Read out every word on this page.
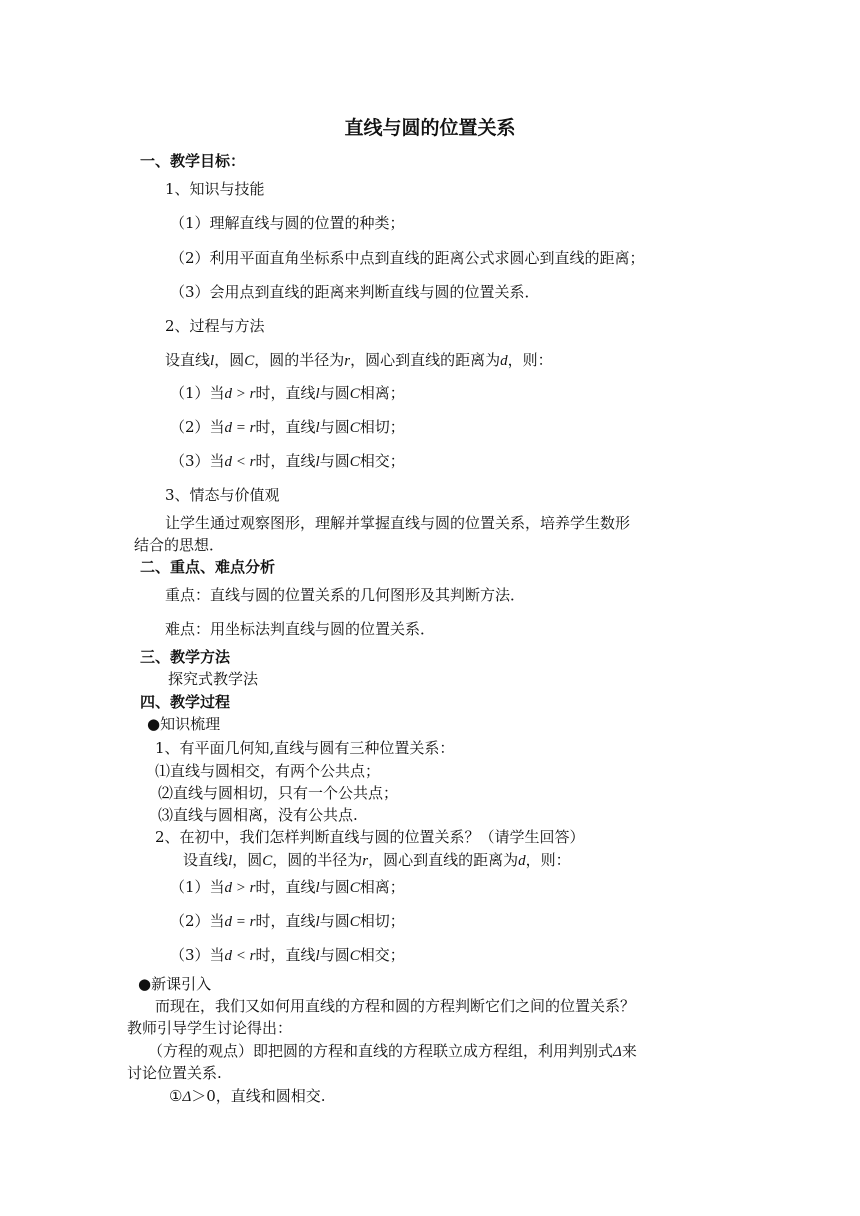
直线与圆的位置关系
一、教学目标：
1、知识与技能
（1）理解直线与圆的位置的种类；
（2）利用平面直角坐标系中点到直线的距离公式求圆心到直线的距离；
（3）会用点到直线的距离来判断直线与圆的位置关系．
2、过程与方法
设直线l，圆C，圆的半径为r，圆心到直线的距离为d，则：
（1）当d > r时，直线l与圆C相离；
（2）当d = r时，直线l与圆C相切；
（3）当d < r时，直线l与圆C相交；
3、情态与价值观
让学生通过观察图形，理解并掌握直线与圆的位置关系，培养学生数形
结合的思想．
二、重点、难点分析
重点：直线与圆的位置关系的几何图形及其判断方法．
难点：用坐标法判直线与圆的位置关系．
三、教学方法
探究式教学法
四、教学过程
●知识梳理
1、有平面几何知,直线与圆有三种位置关系：
⑴直线与圆相交，有两个公共点；
⑵直线与圆相切，只有一个公共点；
⑶直线与圆相离，没有公共点.
2、在初中，我们怎样判断直线与圆的位置关系？（请学生回答）
设直线l，圆C，圆的半径为r，圆心到直线的距离为d，则：
（1）当d > r时，直线l与圆C相离；
（2）当d = r时，直线l与圆C相切；
（3）当d < r时，直线l与圆C相交；
●新课引入
而现在，我们又如何用直线的方程和圆的方程判断它们之间的位置关系？
教师引导学生讨论得出：
（方程的观点）即把圆的方程和直线的方程联立成方程组，利用判别式Δ来
讨论位置关系.
①Δ＞0，直线和圆相交.
